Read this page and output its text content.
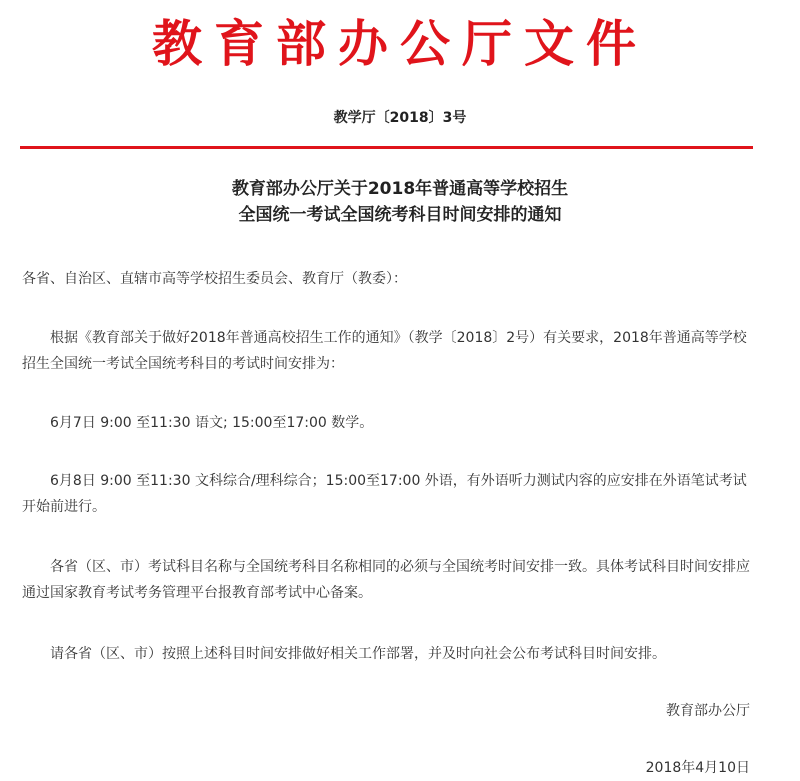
教育部办公厅文件
教学厅〔2018〕3号
教育部办公厅关于2018年普通高等学校招生
全国统一考试全国统考科目时间安排的通知

各省、自治区、直辖市高等学校招生委员会、教育厅（教委）：

根据《教育部关于做好2018年普通高校招生工作的通知》（教学〔2018〕2号）有关要求，2018年普通高等学校招生全国统一考试全国统考科目的考试时间安排为：

6月7日 9:00 至11:30 语文; 15:00至17:00 数学。

6月8日 9:00 至11:30 文科综合/理科综合；15:00至17:00 外语，有外语听力测试内容的应安排在外语笔试考试开始前进行。

各省（区、市）考试科目名称与全国统考科目名称相同的必须与全国统考时间安排一致。具体考试科目时间安排应通过国家教育考试考务管理平台报教育部考试中心备案。

请各省（区、市）按照上述科目时间安排做好相关工作部署，并及时向社会公布考试科目时间安排。

教育部办公厅

2018年4月10日
